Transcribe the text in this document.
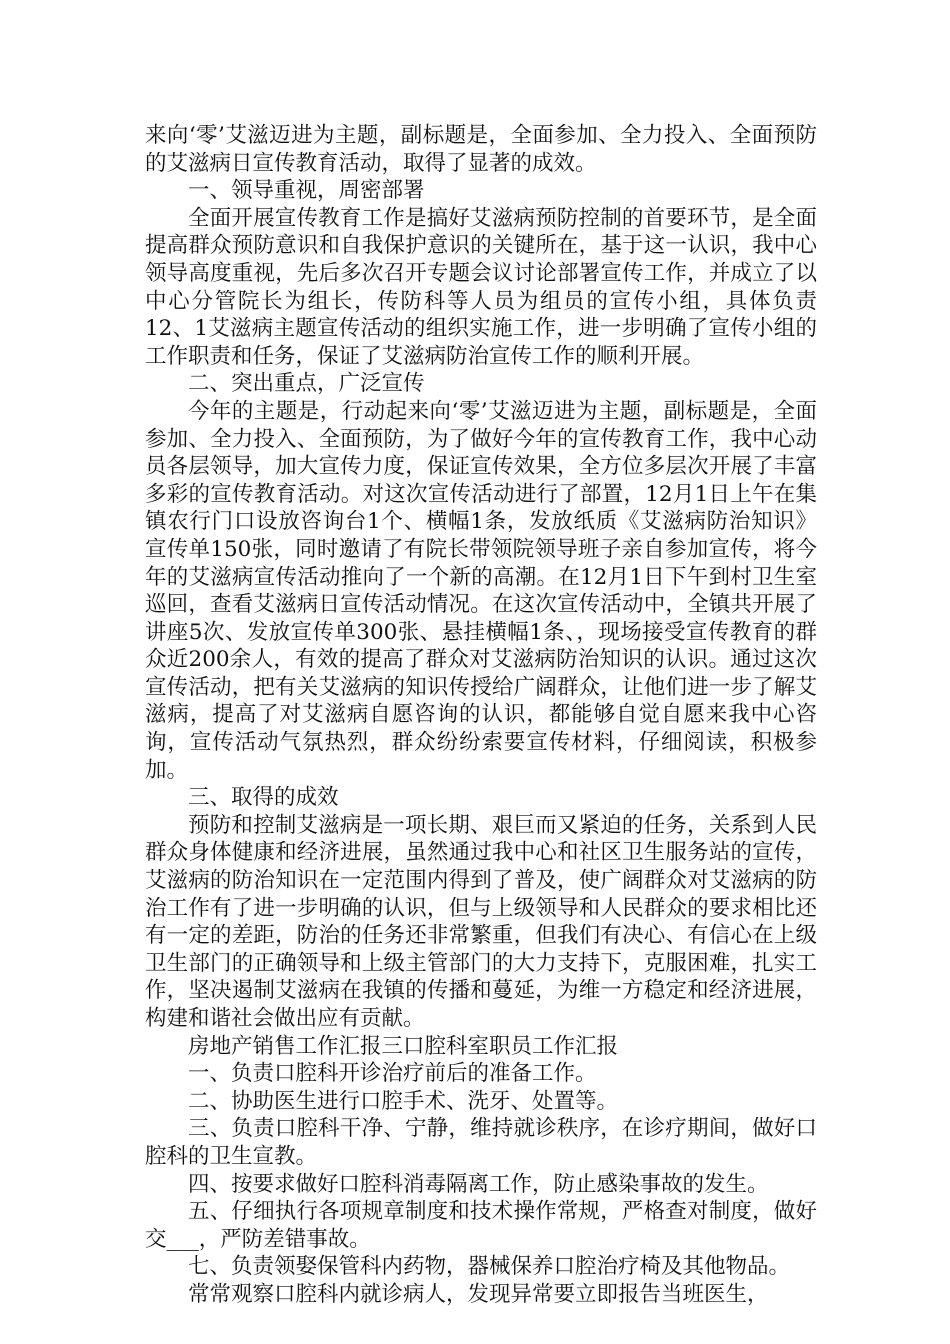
来向‘零’艾滋迈进为主题，副标题是，全面参加、全力投入、全面预防的艾滋病日宣传教育活动，取得了显著的成效。

一、领导重视，周密部署

全面开展宣传教育工作是搞好艾滋病预防控制的首要环节，是全面提高群众预防意识和自我保护意识的关键所在，基于这一认识，我中心领导高度重视，先后多次召开专题会议讨论部署宣传工作，并成立了以中心分管院长为组长，传防科等人员为组员的宣传小组，具体负责12、1艾滋病主题宣传活动的组织实施工作，进一步明确了宣传小组的工作职责和任务，保证了艾滋病防治宣传工作的顺利开展。

二、突出重点，广泛宣传

今年的主题是，行动起来向‘零’艾滋迈进为主题，副标题是，全面参加、全力投入、全面预防，为了做好今年的宣传教育工作，我中心动员各层领导，加大宣传力度，保证宣传效果，全方位多层次开展了丰富多彩的宣传教育活动。对这次宣传活动进行了部置，12月1日上午在集镇农行门口设放咨询台1个、横幅1条，发放纸质《艾滋病防治知识》宣传单150张，同时邀请了有院长带领院领导班子亲自参加宣传，将今年的艾滋病宣传活动推向了一个新的高潮。在12月1日下午到村卫生室巡回，查看艾滋病日宣传活动情况。在这次宣传活动中，全镇共开展了讲座5次、发放宣传单300张、悬挂横幅1条、，现场接受宣传教育的群众近200余人，有效的提高了群众对艾滋病防治知识的认识。通过这次宣传活动，把有关艾滋病的知识传授给广阔群众，让他们进一步了解艾滋病，提高了对艾滋病自愿咨询的认识，都能够自觉自愿来我中心咨询，宣传活动气氛热烈，群众纷纷索要宣传材料，仔细阅读，积极参加。

三、取得的成效

预防和控制艾滋病是一项长期、艰巨而又紧迫的任务，关系到人民群众身体健康和经济进展，虽然通过我中心和社区卫生服务站的宣传，艾滋病的防治知识在一定范围内得到了普及，使广阔群众对艾滋病的防治工作有了进一步明确的认识，但与上级领导和人民群众的要求相比还有一定的差距，防治的任务还非常繁重，但我们有决心、有信心在上级卫生部门的正确领导和上级主管部门的大力支持下，克服困难，扎实工作，坚决遏制艾滋病在我镇的传播和蔓延，为维一方稳定和经济进展，构建和谐社会做出应有贡献。

房地产销售工作汇报三口腔科室职员工作汇报

一、负责口腔科开诊治疗前后的准备工作。

二、协助医生进行口腔手术、洗牙、处置等。

三、负责口腔科干净、宁静，维持就诊秩序，在诊疗期间，做好口腔科的卫生宣教。

四、按要求做好口腔科消毒隔离工作，防止感染事故的发生。

五、仔细执行各项规章制度和技术操作常规，严格查对制度，做好交___，严防差错事故。

七、负责领娶保管科内药物，器械保养口腔治疗椅及其他物品。

常常观察口腔科内就诊病人，发现异常要立即报告当班医生，
